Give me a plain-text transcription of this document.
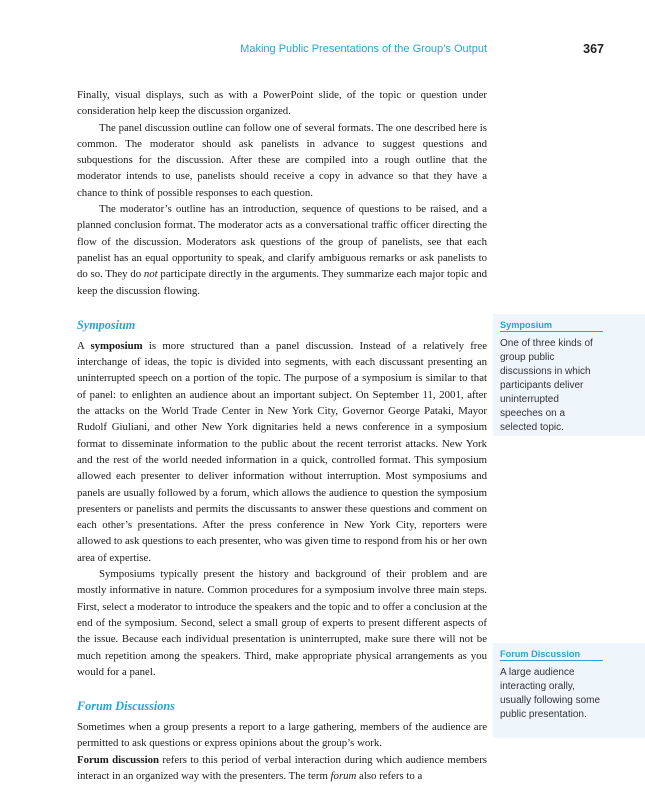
Making Public Presentations of the Group’s Output	367

Finally, visual displays, such as with a PowerPoint slide, of the topic or question under consideration help keep the discussion organized.

The panel discussion outline can follow one of several formats. The one described here is common. The moderator should ask panelists in advance to suggest questions and subquestions for the discussion. After these are compiled into a rough outline that the moderator intends to use, panelists should receive a copy in advance so that they have a chance to think of possible responses to each question.

The moderator’s outline has an introduction, sequence of questions to be raised, and a planned conclusion format. The moderator acts as a conversational traffic officer directing the flow of the discussion. Moderators ask questions of the group of panelists, see that each panelist has an equal opportunity to speak, and clarify ambiguous remarks or ask panelists to do so. They do not participate directly in the arguments. They summarize each major topic and keep the discussion flowing.

Symposium

A symposium is more structured than a panel discussion. Instead of a relatively free interchange of ideas, the topic is divided into segments, with each discussant presenting an uninterrupted speech on a portion of the topic. The purpose of a symposium is similar to that of panel: to enlighten an audience about an important subject. On September 11, 2001, after the attacks on the World Trade Center in New York City, Governor George Pataki, Mayor Rudolf Giuliani, and other New York dignitaries held a news conference in a symposium format to disseminate information to the public about the recent terrorist attacks. New York and the rest of the world needed information in a quick, controlled format. This symposium allowed each presenter to deliver information without interruption. Most symposiums and panels are usually followed by a forum, which allows the audience to question the symposium presenters or panelists and permits the discussants to answer these questions and comment on each other’s presentations. After the press conference in New York City, reporters were allowed to ask questions to each presenter, who was given time to respond from his or her own area of expertise.

Symposiums typically present the history and background of their problem and are mostly informative in nature. Common procedures for a symposium involve three main steps. First, select a moderator to introduce the speakers and the topic and to offer a conclusion at the end of the symposium. Second, select a small group of experts to present different aspects of the issue. Because each individual presentation is uninterrupted, make sure there will not be much repetition among the speakers. Third, make appropriate physical arrangements as you would for a panel.

Forum Discussions

Sometimes when a group presents a report to a large gathering, members of the audience are permitted to ask questions or express opinions about the group’s work.

Forum discussion refers to this period of verbal interaction during which audience members interact in an organized way with the presenters. The term forum also refers to a

Symposium
One of three kinds of group public discussions in which participants deliver uninterrupted speeches on a selected topic.
Forum Discussion
A large audience interacting orally, usually following some public presentation.
